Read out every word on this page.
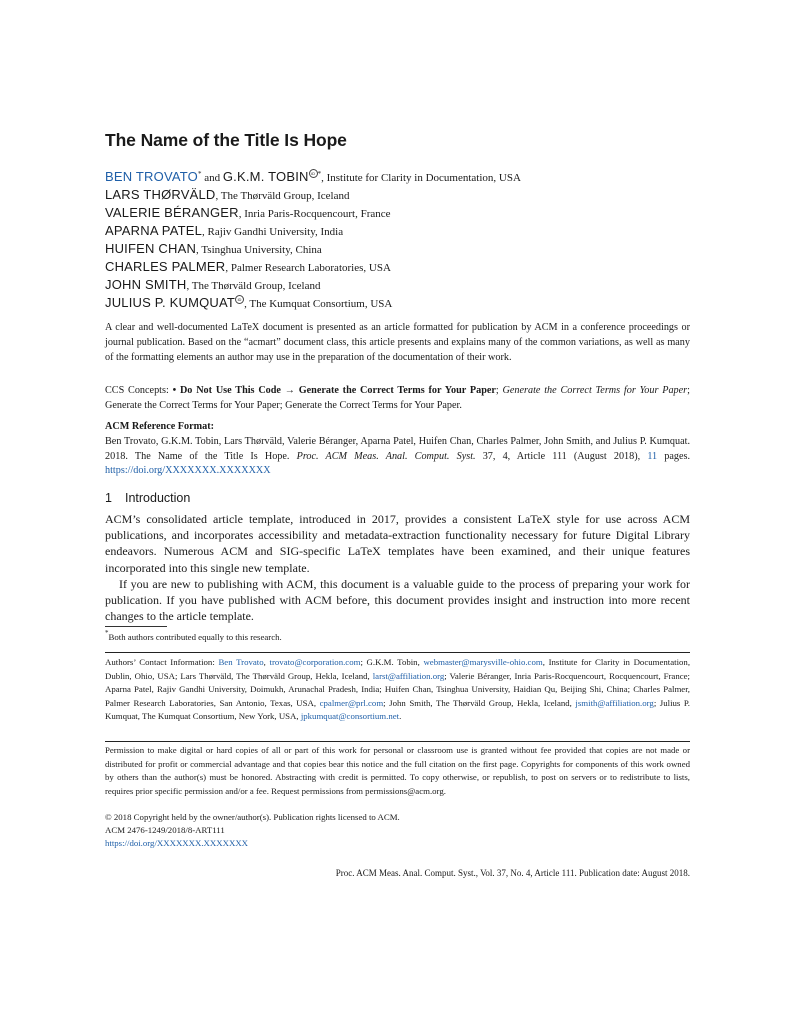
The Name of the Title Is Hope
BEN TROVATO* and G.K.M. TOBIN iD *, Institute for Clarity in Documentation, USA
LARS THØRVÄLD, The Thørväld Group, Iceland
VALERIE BÉRANGER, Inria Paris-Rocquencourt, France
APARNA PATEL, Rajiv Gandhi University, India
HUIFEN CHAN, Tsinghua University, China
CHARLES PALMER, Palmer Research Laboratories, USA
JOHN SMITH, The Thørväld Group, Iceland
JULIUS P. KUMQUAT iD , The Kumquat Consortium, USA
A clear and well-documented LaTeX document is presented as an article formatted for publication by ACM in a conference proceedings or journal publication. Based on the “acmart” document class, this article presents and explains many of the common variations, as well as many of the formatting elements an author may use in the preparation of the documentation of their work.
CCS Concepts: • Do Not Use This Code → Generate the Correct Terms for Your Paper; Generate the Correct Terms for Your Paper; Generate the Correct Terms for Your Paper; Generate the Correct Terms for Your Paper.
ACM Reference Format:
Ben Trovato, G.K.M. Tobin, Lars Thørväld, Valerie Béranger, Aparna Patel, Huifen Chan, Charles Palmer, John Smith, and Julius P. Kumquat. 2018. The Name of the Title Is Hope. Proc. ACM Meas. Anal. Comput. Syst. 37, 4, Article 111 (August 2018), 11 pages. https://doi.org/XXXXXXX.XXXXXXX
1 Introduction

ACM’s consolidated article template, introduced in 2017, provides a consistent LaTeX style for use across ACM publications, and incorporates accessibility and metadata-extraction functionality necessary for future Digital Library endeavors. Numerous ACM and SIG-specific LaTeX templates have been examined, and their unique features incorporated into this single new template.

If you are new to publishing with ACM, this document is a valuable guide to the process of preparing your work for publication. If you have published with ACM before, this document provides insight and instruction into more recent changes to the article template.

*Both authors contributed equally to this research.
Authors’ Contact Information: Ben Trovato, trovato@corporation.com; G.K.M. Tobin, webmaster@marysville-ohio.com, Institute for Clarity in Documentation, Dublin, Ohio, USA; Lars Thørväld, The Thørväld Group, Hekla, Iceland, larst@affiliation.org; Valerie Béranger, Inria Paris-Rocquencourt, Rocquencourt, France; Aparna Patel, Rajiv Gandhi University, Doimukh, Arunachal Pradesh, India; Huifen Chan, Tsinghua University, Haidian Qu, Beijing Shi, China; Charles Palmer, Palmer Research Laboratories, San Antonio, Texas, USA, cpalmer@prl.com; John Smith, The Thørväld Group, Hekla, Iceland, jsmith@affiliation.org; Julius P. Kumquat, The Kumquat Consortium, New York, USA, jpkumquat@consortium.net.
Permission to make digital or hard copies of all or part of this work for personal or classroom use is granted without fee provided that copies are not made or distributed for profit or commercial advantage and that copies bear this notice and the full citation on the first page. Copyrights for components of this work owned by others than the author(s) must be honored. Abstracting with credit is permitted. To copy otherwise, or republish, to post on servers or to redistribute to lists, requires prior specific permission and/or a fee. Request permissions from permissions@acm.org.
© 2018 Copyright held by the owner/author(s). Publication rights licensed to ACM.
ACM 2476-1249/2018/8-ART111
https://doi.org/XXXXXXX.XXXXXXX
Proc. ACM Meas. Anal. Comput. Syst., Vol. 37, No. 4, Article 111. Publication date: August 2018.
